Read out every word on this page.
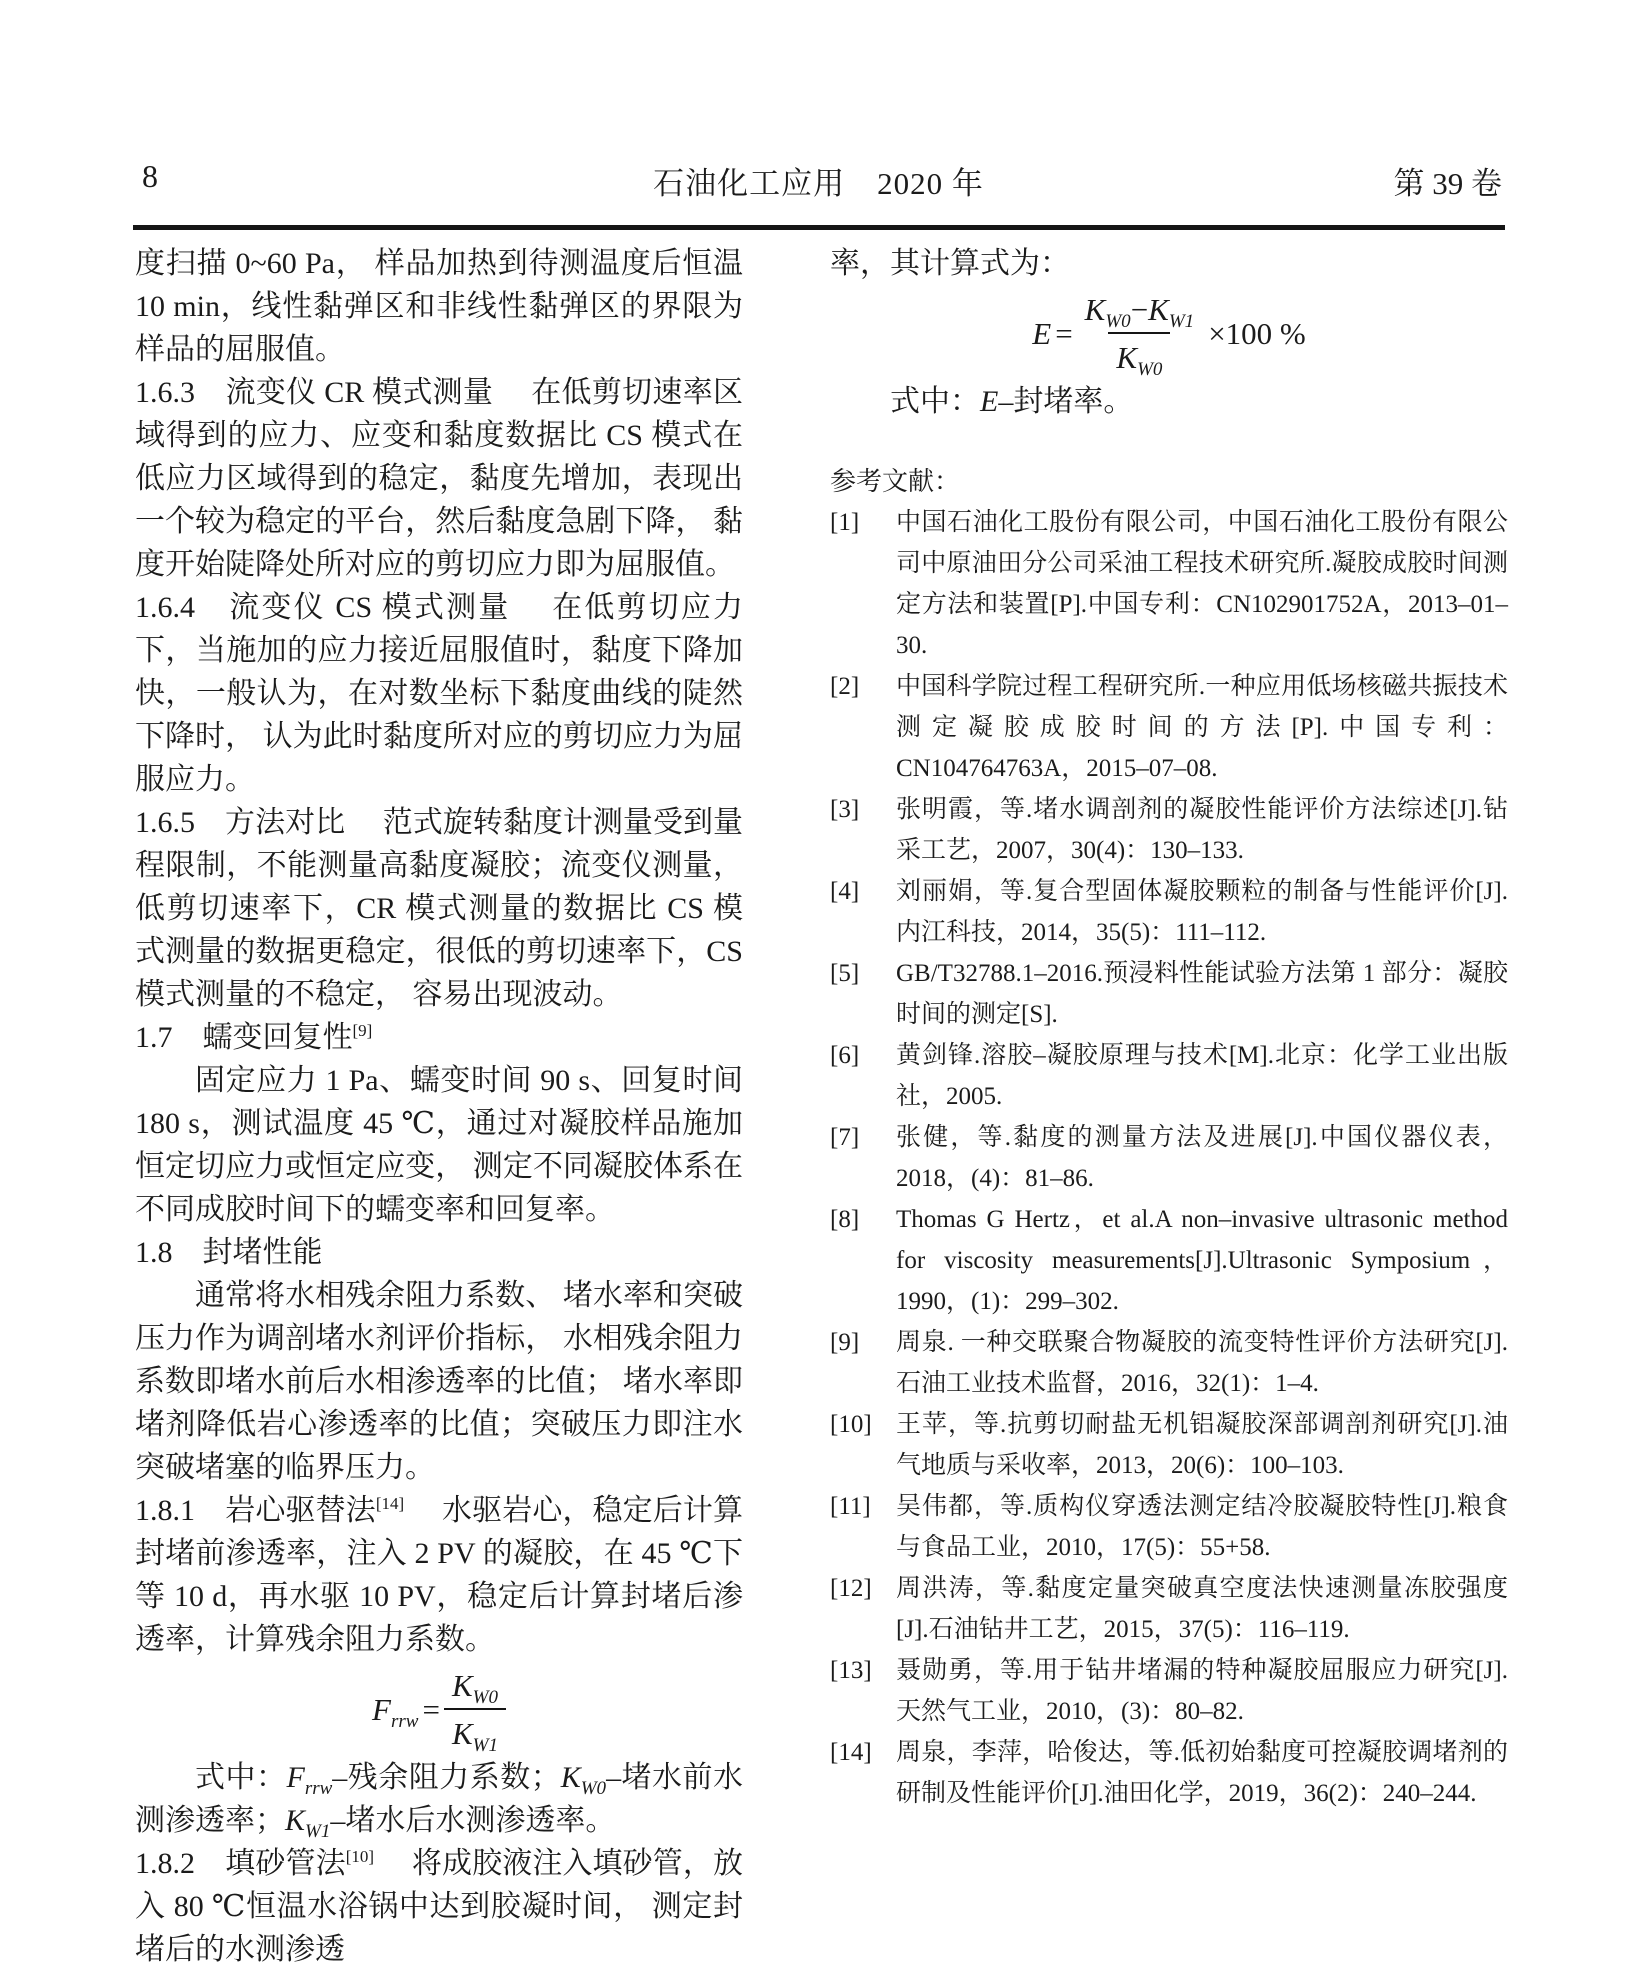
8	石油化工应用　2020 年	第 39 卷
度扫描 0~60 Pa， 样品加热到待测温度后恒温 10 min，线性黏弹区和非线性黏弹区的界限为样品的屈服值。
1.6.3　流变仪 CR 模式测量　 在低剪切速率区域得到的应力、应变和黏度数据比 CS 模式在低应力区域得到的稳定，黏度先增加，表现出一个较为稳定的平台，然后黏度急剧下降， 黏度开始陡降处所对应的剪切应力即为屈服值。
1.6.4　流变仪 CS 模式测量　 在低剪切应力下，当施加的应力接近屈服值时，黏度下降加快，一般认为，在对数坐标下黏度曲线的陡然下降时， 认为此时黏度所对应的剪切应力为屈服应力。
1.6.5　方法对比　 范式旋转黏度计测量受到量程限制，不能测量高黏度凝胶；流变仪测量，低剪切速率下，CR 模式测量的数据比 CS 模式测量的数据更稳定，很低的剪切速率下，CS 模式测量的不稳定， 容易出现波动。
1.7　蠕变回复性[9]
固定应力 1 Pa、蠕变时间 90 s、回复时间 180 s，测试温度 45 ℃，通过对凝胶样品施加恒定切应力或恒定应变， 测定不同凝胶体系在不同成胶时间下的蠕变率和回复率。
1.8　封堵性能
通常将水相残余阻力系数、 堵水率和突破压力作为调剖堵水剂评价指标， 水相残余阻力系数即堵水前后水相渗透率的比值； 堵水率即堵剂降低岩心渗透率的比值；突破压力即注水突破堵塞的临界压力。
1.8.1　岩心驱替法[14]　 水驱岩心，稳定后计算封堵前渗透率，注入 2 PV 的凝胶，在 45 ℃下等 10 d，再水驱 10 PV，稳定后计算封堵后渗透率，计算残余阻力系数。
$F_{rrw} = \frac{K_{W0}}{K_{W1}}$
式中：$F_{rrw}-$残余阻力系数；$K_{W0}-$堵水前水测渗透率；$K_{W1}-$堵水后水测渗透率。
1.8.2　填砂管法[10]　 将成胶液注入填砂管，放入 80 ℃恒温水浴锅中达到胶凝时间， 测定封堵后的水测渗透
率，其计算式为：
$E = \frac{K_{W0}-K_{W1}}{K_{W0}} \times 100$ %
式中：E–封堵率。
参考文献：
[1]	中国石油化工股份有限公司，中国石油化工股份有限公司中原油田分公司采油工程技术研究所.凝胶成胶时间测定方法和装置[P].中国专利：CN102901752A，2013–01–30.
[2]	中国科学院过程工程研究所.一种应用低场核磁共振技术测定凝胶成胶时间的方法[P].中国专利：CN104764763A，2015–07–08.
[3]	张明霞，等.堵水调剖剂的凝胶性能评价方法综述[J].钻采工艺，2007，30(4)：130–133.
[4]	刘丽娟，等.复合型固体凝胶颗粒的制备与性能评价[J].内江科技，2014，35(5)：111–112.
[5]	GB/T32788.1–2016.预浸料性能试验方法第 1 部分：凝胶时间的测定[S].
[6]	黄剑锋.溶胶–凝胶原理与技术[M].北京：化学工业出版社，2005.
[7]	张健，等.黏度的测量方法及进展[J].中国仪器仪表，2018，(4)：81–86.
[8]	Thomas G Hertz，et al.A non–invasive ultrasonic method for viscosity measurements[J].Ultrasonic Symposium，1990，(1)：299–302.
[9]	周泉. 一种交联聚合物凝胶的流变特性评价方法研究[J].石油工业技术监督，2016，32(1)：1–4.
[10] 王苹，等.抗剪切耐盐无机铝凝胶深部调剖剂研究[J].油气地质与采收率，2013，20(6)：100–103.
[11]	吴伟都，等.质构仪穿透法测定结冷胶凝胶特性[J].粮食与食品工业，2010，17(5)：55+58.
[12] 周洪涛，等.黏度定量突破真空度法快速测量冻胶强度[J].石油钻井工艺，2015，37(5)：116–119.
[13] 聂勋勇，等.用于钻井堵漏的特种凝胶屈服应力研究[J].天然气工业，2010，(3)：80–82.
[14] 周泉，李萍，哈俊达，等.低初始黏度可控凝胶调堵剂的研制及性能评价[J].油田化学，2019，36(2)：240–244.
